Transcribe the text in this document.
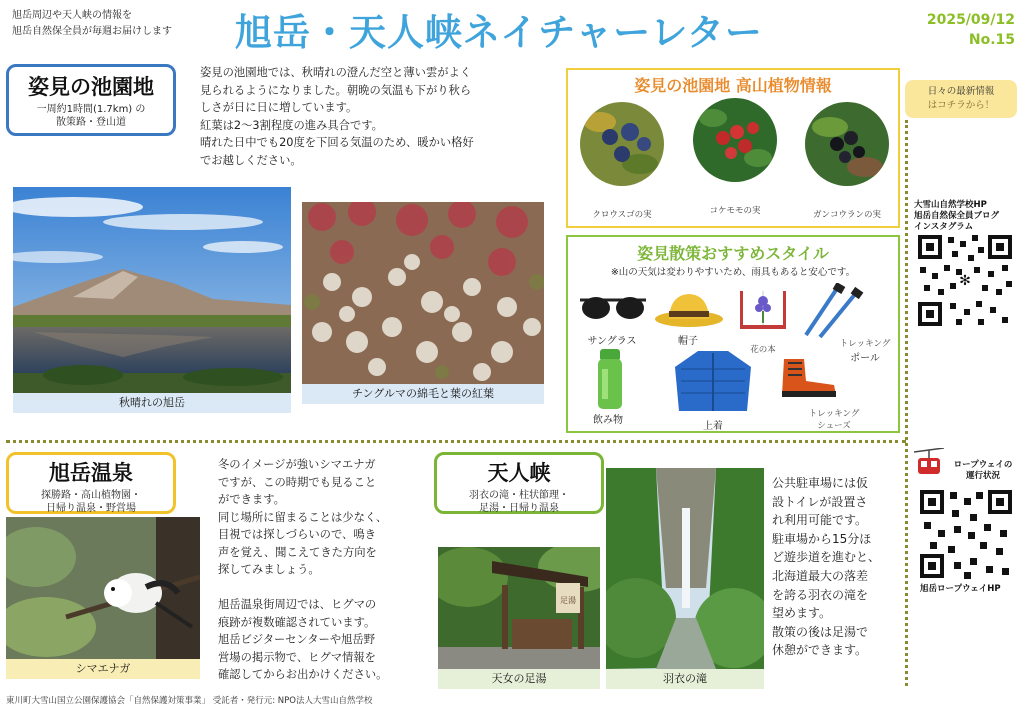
旭岳周辺や天人峡の情報を
旭岳自然保全員が毎週お届けします 旭岳・天人峡ネイチャーレター	2025/09/12
No.15
姿見の池園地
一周約1時間(1.7km) の
散策路・登山道
姿見の池園地では、秋晴れの澄んだ空と薄い雲がよく
見られるようになりました。朝晩の気温も下がり秋ら
しさが日に日に増しています。
紅葉は2～3割程度の進み具合です。
晴れた日中でも20度を下回る気温のため、暖かい格好
でお越しください。
秋晴れの旭岳
チングルマの綿毛と葉の紅葉
姿見の池園地 高山植物情報
クロウスゴの実	コケモモの実	ガンコウランの実
姿見散策おすすめスタイル
※山の天気は変わりやすいため、雨具もあると安心です。
サングラス	帽子
花の本
トレッキング
ポール
飲み物
上着
トレッキング
シューズ
日々の最新情報
はコチラから！
大雪山自然学校HP
旭岳自然保全員ブログ
インスタグラム
✻
ロープウェイの
運行状況
旭岳ロープウェイHP
旭岳温泉
探勝路・高山植物園・
日帰り温泉・野営場
シマエナガ
冬のイメージが強いシマエナガ
ですが、この時期でも見ること
ができます。
同じ場所に留まることは少なく、
目視では探しづらいので、鳴き
声を覚え、聞こえてきた方向を
探してみましょう。
旭岳温泉街周辺では、ヒグマの
痕跡が複数確認されています。
旭岳ビジターセンターや旭岳野
営場の掲示物で、ヒグマ情報を
確認してからお出かけください。
天人峡
羽衣の滝・柱状節理・
足湯・日帰り温泉
足湯
天女の足湯	羽衣の滝
公共駐車場には仮
設トイレが設置さ
れ利用可能です。
駐車場から15分ほ
ど遊歩道を進むと、
北海道最大の落差
を誇る羽衣の滝を
望めます。
散策の後は足湯で
休憩ができます。
東川町大雪山国立公園保護協会「自然保護対策事業」 受託者・発行元: NPO法人大雪山自然学校
